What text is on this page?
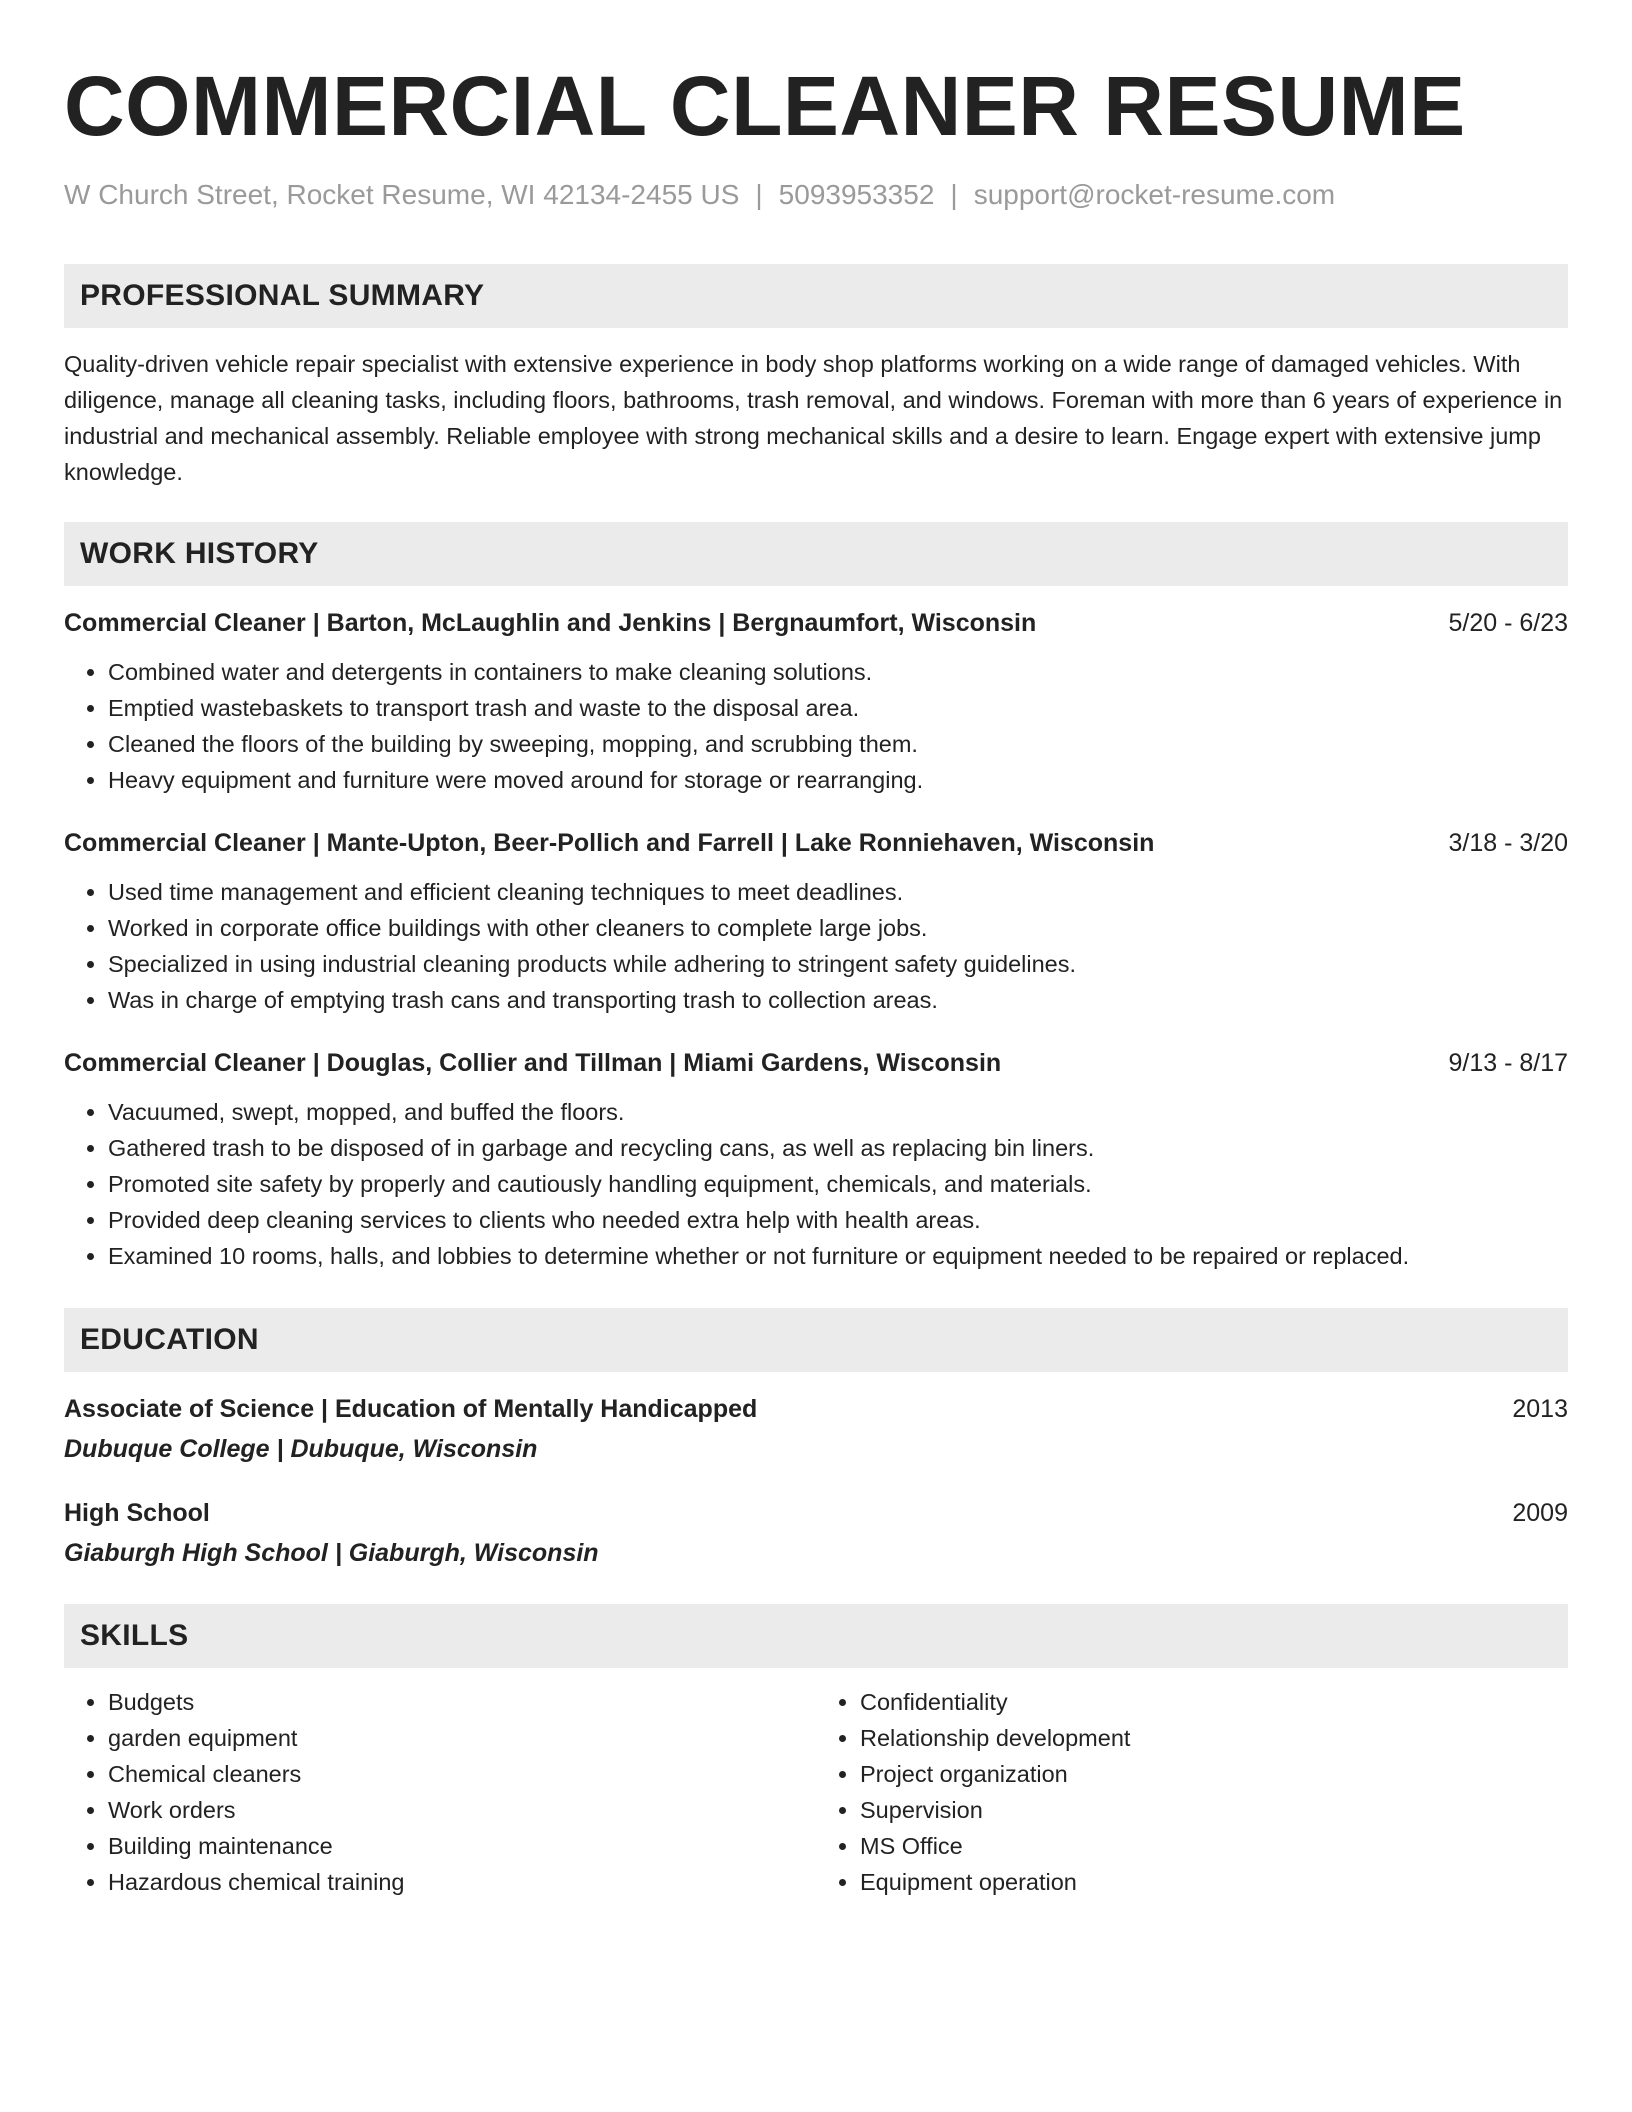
COMMERCIAL CLEANER RESUME
W Church Street, Rocket Resume, WI 42134-2455 US | 5093953352 | support@rocket-resume.com
PROFESSIONAL SUMMARY

Quality-driven vehicle repair specialist with extensive experience in body shop platforms working on a wide range of damaged vehicles. With diligence, manage all cleaning tasks, including floors, bathrooms, trash removal, and windows. Foreman with more than 6 years of experience in industrial and mechanical assembly. Reliable employee with strong mechanical skills and a desire to learn. Engage expert with extensive jump knowledge.

WORK HISTORY
Commercial Cleaner | Barton, McLaughlin and Jenkins | Bergnaumfort, Wisconsin	5/20 - 6/23
• Combined water and detergents in containers to make cleaning solutions.
• Emptied wastebaskets to transport trash and waste to the disposal area.
• Cleaned the floors of the building by sweeping, mopping, and scrubbing them.
• Heavy equipment and furniture were moved around for storage or rearranging.
Commercial Cleaner | Mante-Upton, Beer-Pollich and Farrell | Lake Ronniehaven, Wisconsin	3/18 - 3/20
• Used time management and efficient cleaning techniques to meet deadlines.
• Worked in corporate office buildings with other cleaners to complete large jobs.
• Specialized in using industrial cleaning products while adhering to stringent safety guidelines.
• Was in charge of emptying trash cans and transporting trash to collection areas.
Commercial Cleaner | Douglas, Collier and Tillman | Miami Gardens, Wisconsin	9/13 - 8/17
• Vacuumed, swept, mopped, and buffed the floors.
• Gathered trash to be disposed of in garbage and recycling cans, as well as replacing bin liners.
• Promoted site safety by properly and cautiously handling equipment, chemicals, and materials.
• Provided deep cleaning services to clients who needed extra help with health areas.
• Examined 10 rooms, halls, and lobbies to determine whether or not furniture or equipment needed to be repaired or replaced.
EDUCATION
Associate of Science | Education of Mentally Handicapped	2013
Dubuque College | Dubuque, Wisconsin
High School	2009
Giaburgh High School | Giaburgh, Wisconsin
SKILLS
• Budgets
• garden equipment
• Chemical cleaners
• Work orders
• Building maintenance
• Hazardous chemical training
• Confidentiality
• Relationship development
• Project organization
• Supervision
• MS Office
• Equipment operation
